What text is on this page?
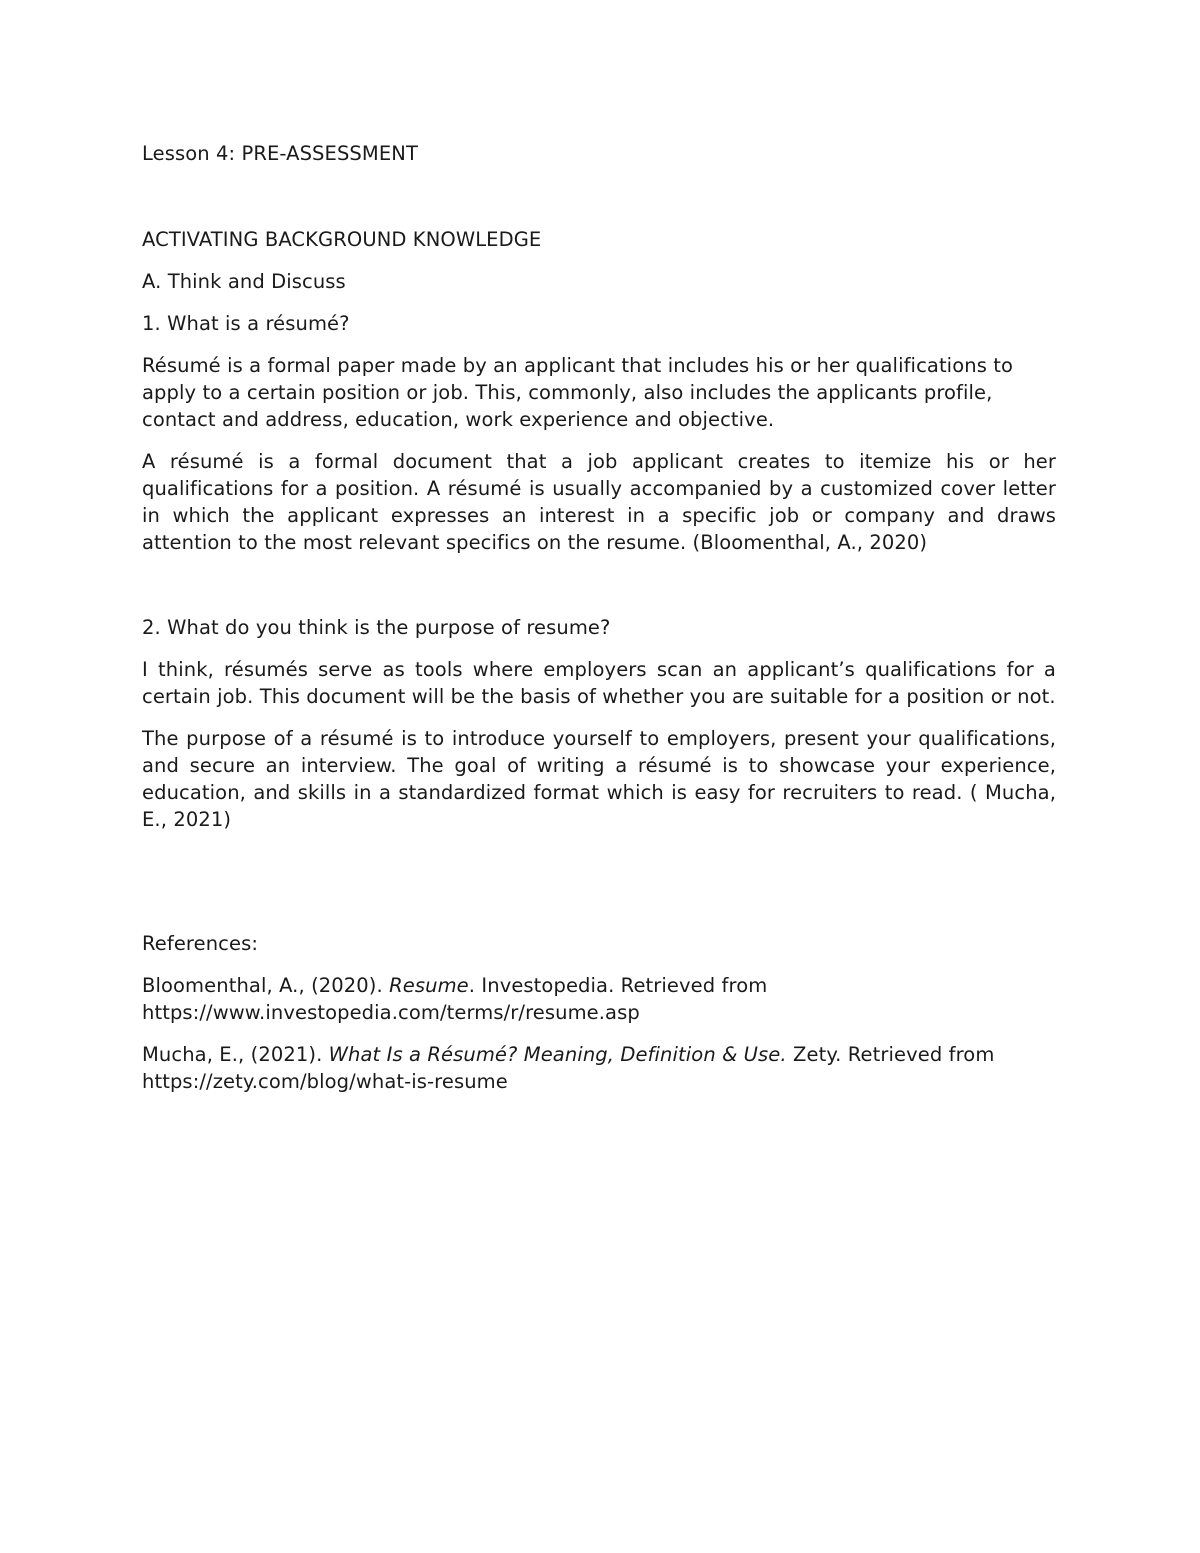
Lesson 4: PRE-ASSESSMENT

ACTIVATING BACKGROUND KNOWLEDGE

A. Think and Discuss

1. What is a résumé?

Résumé is a formal paper made by an applicant that includes his or her qualifications to apply to a certain position or job. This, commonly, also includes the applicants profile, contact and address, education, work experience and objective.

A résumé is a formal document that a job applicant creates to itemize his or her qualifications for a position. A résumé is usually accompanied by a customized cover letter in which the applicant expresses an interest in a specific job or company and draws attention to the most relevant specifics on the resume. (Bloomenthal, A., 2020)

2. What do you think is the purpose of resume?

I think, résumés serve as tools where employers scan an applicant’s qualifications for a certain job. This document will be the basis of whether you are suitable for a position or not.

The purpose of a résumé is to introduce yourself to employers, present your qualifications, and secure an interview. The goal of writing a résumé is to showcase your experience, education, and skills in a standardized format which is easy for recruiters to read. ( Mucha, E., 2021)

References:

Bloomenthal, A., (2020). Resume. Investopedia. Retrieved from https://www.investopedia.com/terms/r/resume.asp

Mucha, E., (2021). What Is a Résumé? Meaning, Definition & Use. Zety. Retrieved from https://zety.com/blog/what-is-resume
